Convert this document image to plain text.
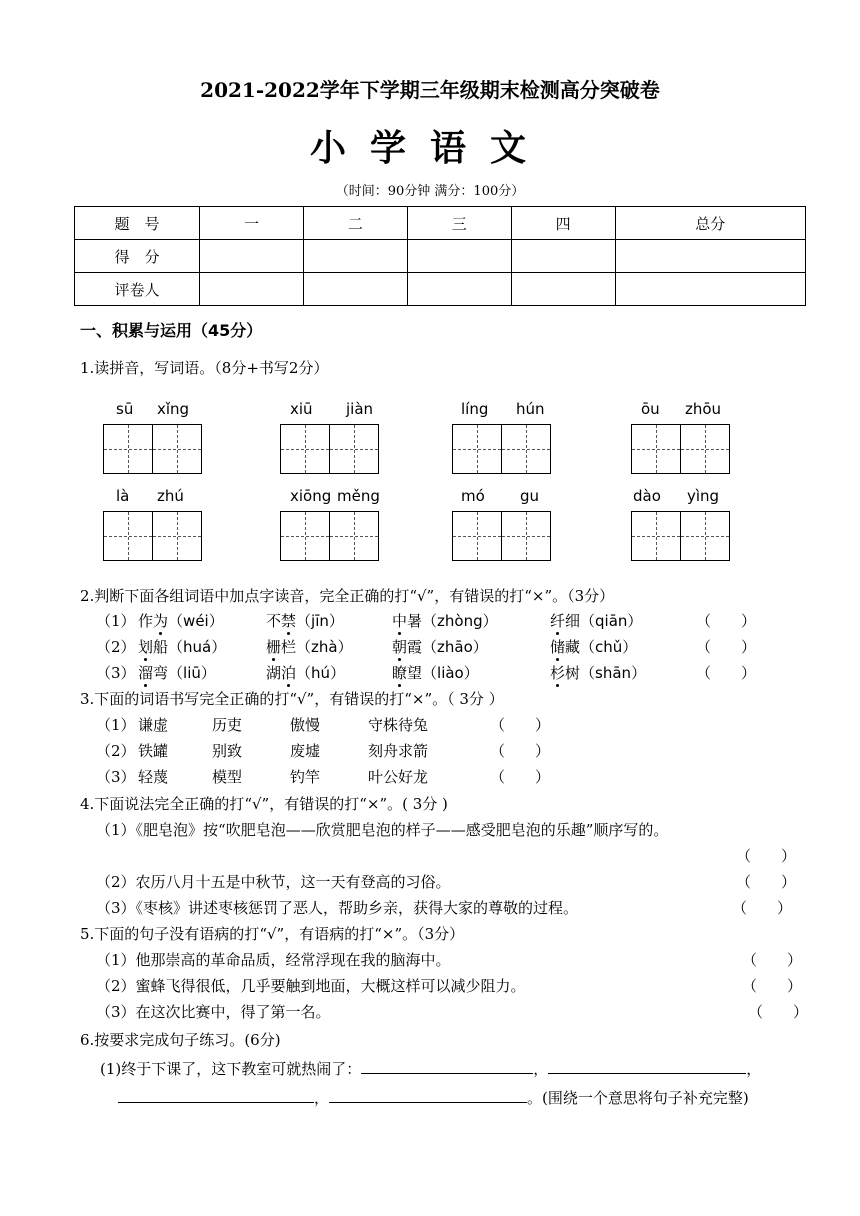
2021-2022学年下学期三年级期末检测高分突破卷
小学语文
（时间：90分钟 满分：100分）
题　号	一	二	三	四	总分
得　分					
评卷人					
一、积累与运用（45分）
1.读拼音，写词语。（8分+书写2分）
sū xǐng	xiū jiàn	líng hún	ōu zhōu
là zhú	xiōng měng	mó gu	dào yìng
2.判断下面各组词语中加点字读音，完全正确的打“√”，有错误的打“×”。（3分）
（1） 作为（wéi）	不禁（jīn）	中暑（zhòng）	纤细（qiān）	（　　）
（2） 划船（huá）	栅栏（zhà）	朝霞（zhāo）	储藏（chǔ）	（　　）
（3） 溜弯（liū）	湖泊（hú）	瞭望（liào）	杉树（shān）	（　　）
3.下面的词语书写完全正确的打“√”，有错误的打“×”。（ 3分 ）
（1） 谦虚	历吏	傲慢	守株待兔	（　　）
（2） 铁罐	别致	废墟	刻舟求箭	（　　）
（3） 轻蔑	模型	钓竿	叶公好龙	（　　）
4.下面说法完全正确的打“√”，有错误的打“×”。( 3分 )
（1）《肥皂泡》按“吹肥皂泡——欣赏肥皂泡的样子——感受肥皂泡的乐趣”顺序写的。
（　　）
（2）农历八月十五是中秋节，这一天有登高的习俗。	（　　）
（3）《枣核》讲述枣核惩罚了恶人，帮助乡亲，获得大家的尊敬的过程。	（　　）
5.下面的句子没有语病的打“√”，有语病的打“×”。（3分）
（1）他那崇高的革命品质，经常浮现在我的脑海中。	（　　）
（2）蜜蜂飞得很低，几乎要触到地面，大概这样可以减少阻力。	（　　）
（3）在这次比赛中，得了第一名。	（　　）
6.按要求完成句子练习。(6分)
(1)终于下课了，这下教室可就热闹了：	，	，
，	。(围绕一个意思将句子补充完整)
